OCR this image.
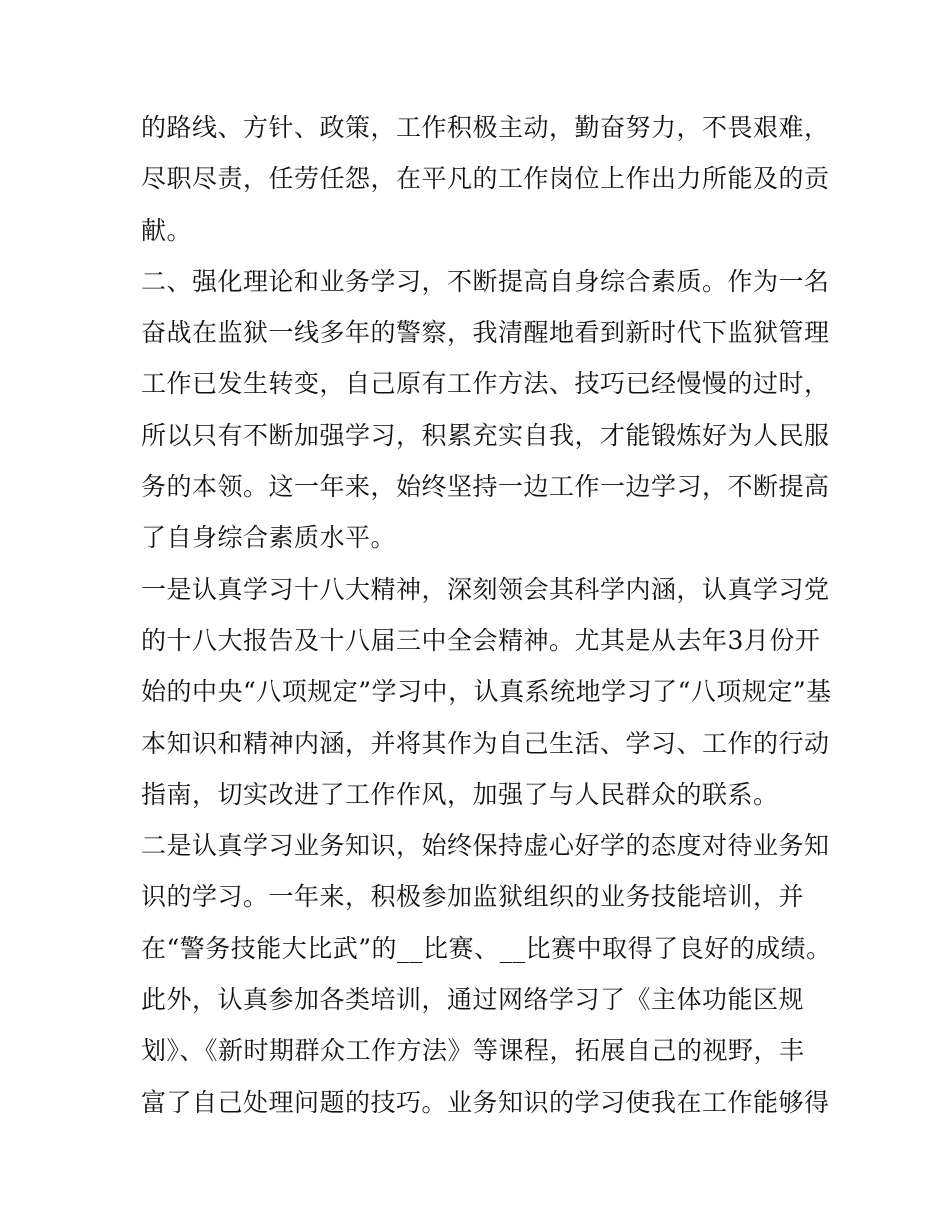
的路线、方针、政策，工作积极主动，勤奋努力，不畏艰难，
尽职尽责，任劳任怨，在平凡的工作岗位上作出力所能及的贡
献。
二、强化理论和业务学习，不断提高自身综合素质。作为一名
奋战在监狱一线多年的警察，我清醒地看到新时代下监狱管理
工作已发生转变，自己原有工作方法、技巧已经慢慢的过时，
所以只有不断加强学习，积累充实自我，才能锻炼好为人民服
务的本领。这一年来，始终坚持一边工作一边学习，不断提高
了自身综合素质水平。
一是认真学习十八大精神，深刻领会其科学内涵，认真学习党
的十八大报告及十八届三中全会精神。尤其是从去年3月份开
始的中央“八项规定”学习中，认真系统地学习了“八项规定”基
本知识和精神内涵，并将其作为自己生活、学习、工作的行动
指南，切实改进了工作作风，加强了与人民群众的联系。
二是认真学习业务知识，始终保持虚心好学的态度对待业务知
识的学习。一年来，积极参加监狱组织的业务技能培训，并
在“警务技能大比武”的__比赛、__比赛中取得了良好的成绩。
此外，认真参加各类培训，通过网络学习了《主体功能区规
划》、《新时期群众工作方法》等课程，拓展自己的视野，丰
富了自己处理问题的技巧。业务知识的学习使我在工作能够得
